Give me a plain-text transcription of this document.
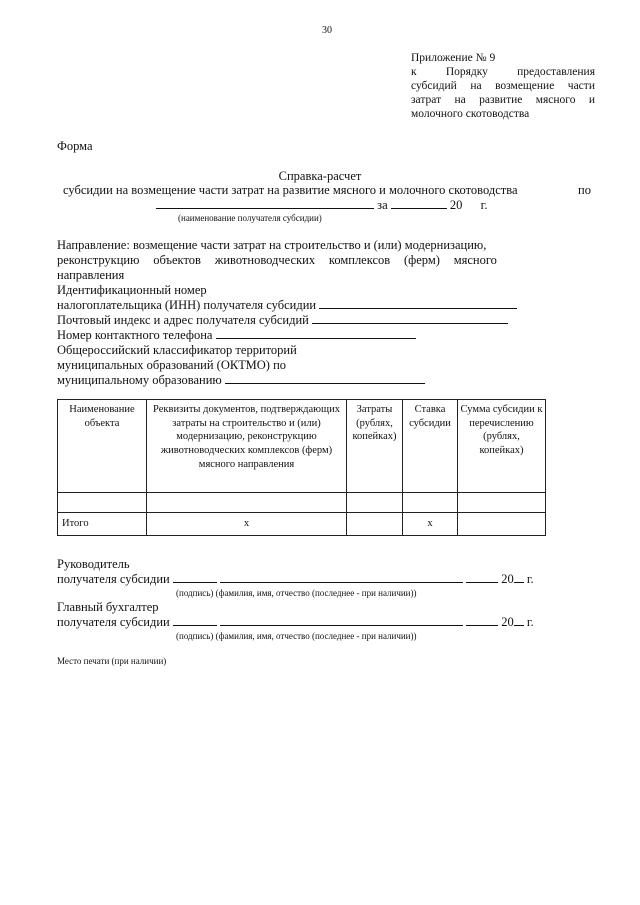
30
Приложение № 9
к	Порядку	предоставления
субсидий на возмещение части
затрат на развитие мясного и
молочного скотоводства
Форма
Справка-расчет
субсидии на возмещение части затрат на развитие мясного и молочного скотоводства	по
за	20 г.
(наименование получателя субсидии)
Направление: возмещение части затрат на строительство и (или) модернизацию,
реконструкцию объектов животноводческих комплексов (ферм) мясного
направления
Идентификационный номер
налогоплательщика (ИНН) получателя субсидии
Почтовый индекс и адрес получателя субсидий
Номер контактного телефона
Общероссийский классификатор территорий
муниципальных образований (ОКТМО) по
муниципальному образованию
Наименование объекта	Реквизиты документов, подтверждающих затраты на строительство и (или) модернизацию, реконструкцию животноводческих комплексов (ферм) мясного направления	Затраты (рублях, копейках)	Ставка субсидии	Сумма субсидии к перечислению (рублях, копейках)

Итого	х		х	
Руководитель
получателя субсидии	20 г.
(подпись) (фамилия, имя, отчество (последнее - при наличии))
Главный бухгалтер
получателя субсидии	20 г.
(подпись) (фамилия, имя, отчество (последнее - при наличии))
Место печати (при наличии)
